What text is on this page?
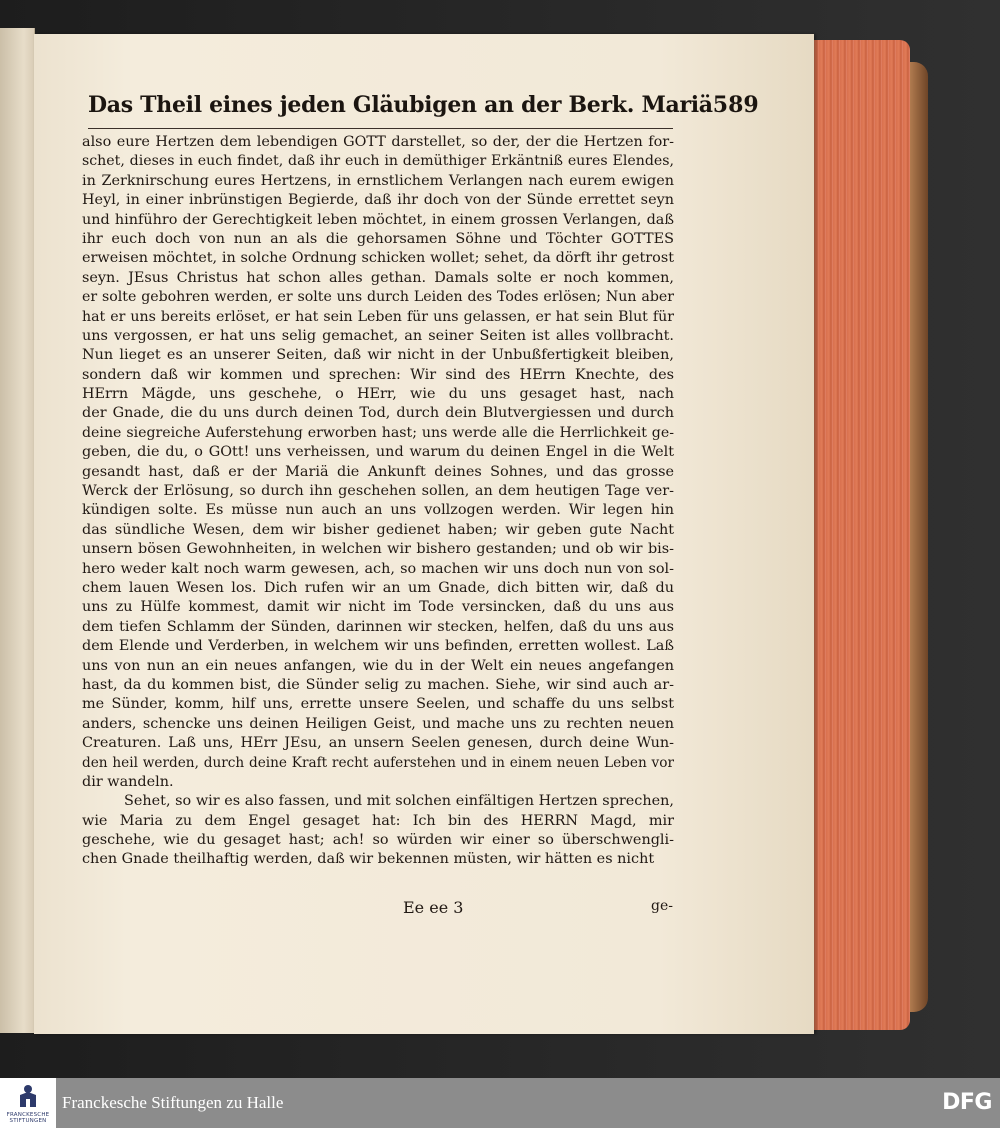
Das Theil eines jeden Gläubigen an der Berk. Mariä 589
also eure Hertzen dem lebendigen GOTT darstellet, so der, der die Hertzen for-
schet, dieses in euch findet, daß ihr euch in demüthiger Erkäntniß eures Elendes,
in Zerknirschung eures Hertzens, in ernstlichem Verlangen nach eurem ewigen
Heyl, in einer inbrünstigen Begierde, daß ihr doch von der Sünde errettet seyn
und hinführo der Gerechtigkeit leben möchtet, in einem grossen Verlangen, daß
ihr euch doch von nun an als die gehorsamen Söhne und Töchter GOTTES
erweisen möchtet, in solche Ordnung schicken wollet; sehet, da dörft ihr getrost
seyn. JEsus Christus hat schon alles gethan. Damals solte er noch kommen,
er solte gebohren werden, er solte uns durch Leiden des Todes erlösen; Nun aber
hat er uns bereits erlöset, er hat sein Leben für uns gelassen, er hat sein Blut für
uns vergossen, er hat uns selig gemachet, an seiner Seiten ist alles vollbracht.
Nun lieget es an unserer Seiten, daß wir nicht in der Unbußfertigkeit bleiben,
sondern daß wir kommen und sprechen: Wir sind des HErrn Knechte, des
HErrn Mägde, uns geschehe, o HErr, wie du uns gesaget hast, nach
der Gnade, die du uns durch deinen Tod, durch dein Blutvergiessen und durch
deine siegreiche Auferstehung erworben hast; uns werde alle die Herrlichkeit ge-
geben, die du, o GOtt! uns verheissen, und warum du deinen Engel in die Welt
gesandt hast, daß er der Mariä die Ankunft deines Sohnes, und das grosse
Werck der Erlösung, so durch ihn geschehen sollen, an dem heutigen Tage ver-
kündigen solte. Es müsse nun auch an uns vollzogen werden. Wir legen hin
das sündliche Wesen, dem wir bisher gedienet haben; wir geben gute Nacht
unsern bösen Gewohnheiten, in welchen wir bishero gestanden; und ob wir bis-
hero weder kalt noch warm gewesen, ach, so machen wir uns doch nun von sol-
chem lauen Wesen los. Dich rufen wir an um Gnade, dich bitten wir, daß du
uns zu Hülfe kommest, damit wir nicht im Tode versincken, daß du uns aus
dem tiefen Schlamm der Sünden, darinnen wir stecken, helfen, daß du uns aus
dem Elende und Verderben, in welchem wir uns befinden, erretten wollest. Laß
uns von nun an ein neues anfangen, wie du in der Welt ein neues angefangen
hast, da du kommen bist, die Sünder selig zu machen. Siehe, wir sind auch ar-
me Sünder, komm, hilf uns, errette unsere Seelen, und schaffe du uns selbst
anders, schencke uns deinen Heiligen Geist, und mache uns zu rechten neuen
Creaturen. Laß uns, HErr JEsu, an unsern Seelen genesen, durch deine Wun-
den heil werden, durch deine Kraft recht auferstehen und in einem neuen Leben vor
dir wandeln.
Sehet, so wir es also fassen, und mit solchen einfältigen Hertzen sprechen,
wie Maria zu dem Engel gesaget hat: Ich bin des HERRN Magd, mir
geschehe, wie du gesaget hast; ach! so würden wir einer so überschwengli-
chen Gnade theilhaftig werden, daß wir bekennen müsten, wir hätten es nicht
Ee ee 3	ge-
FRANCKESCHE
STIFTUNGEN
Franckesche Stiftungen zu Halle	DFG
